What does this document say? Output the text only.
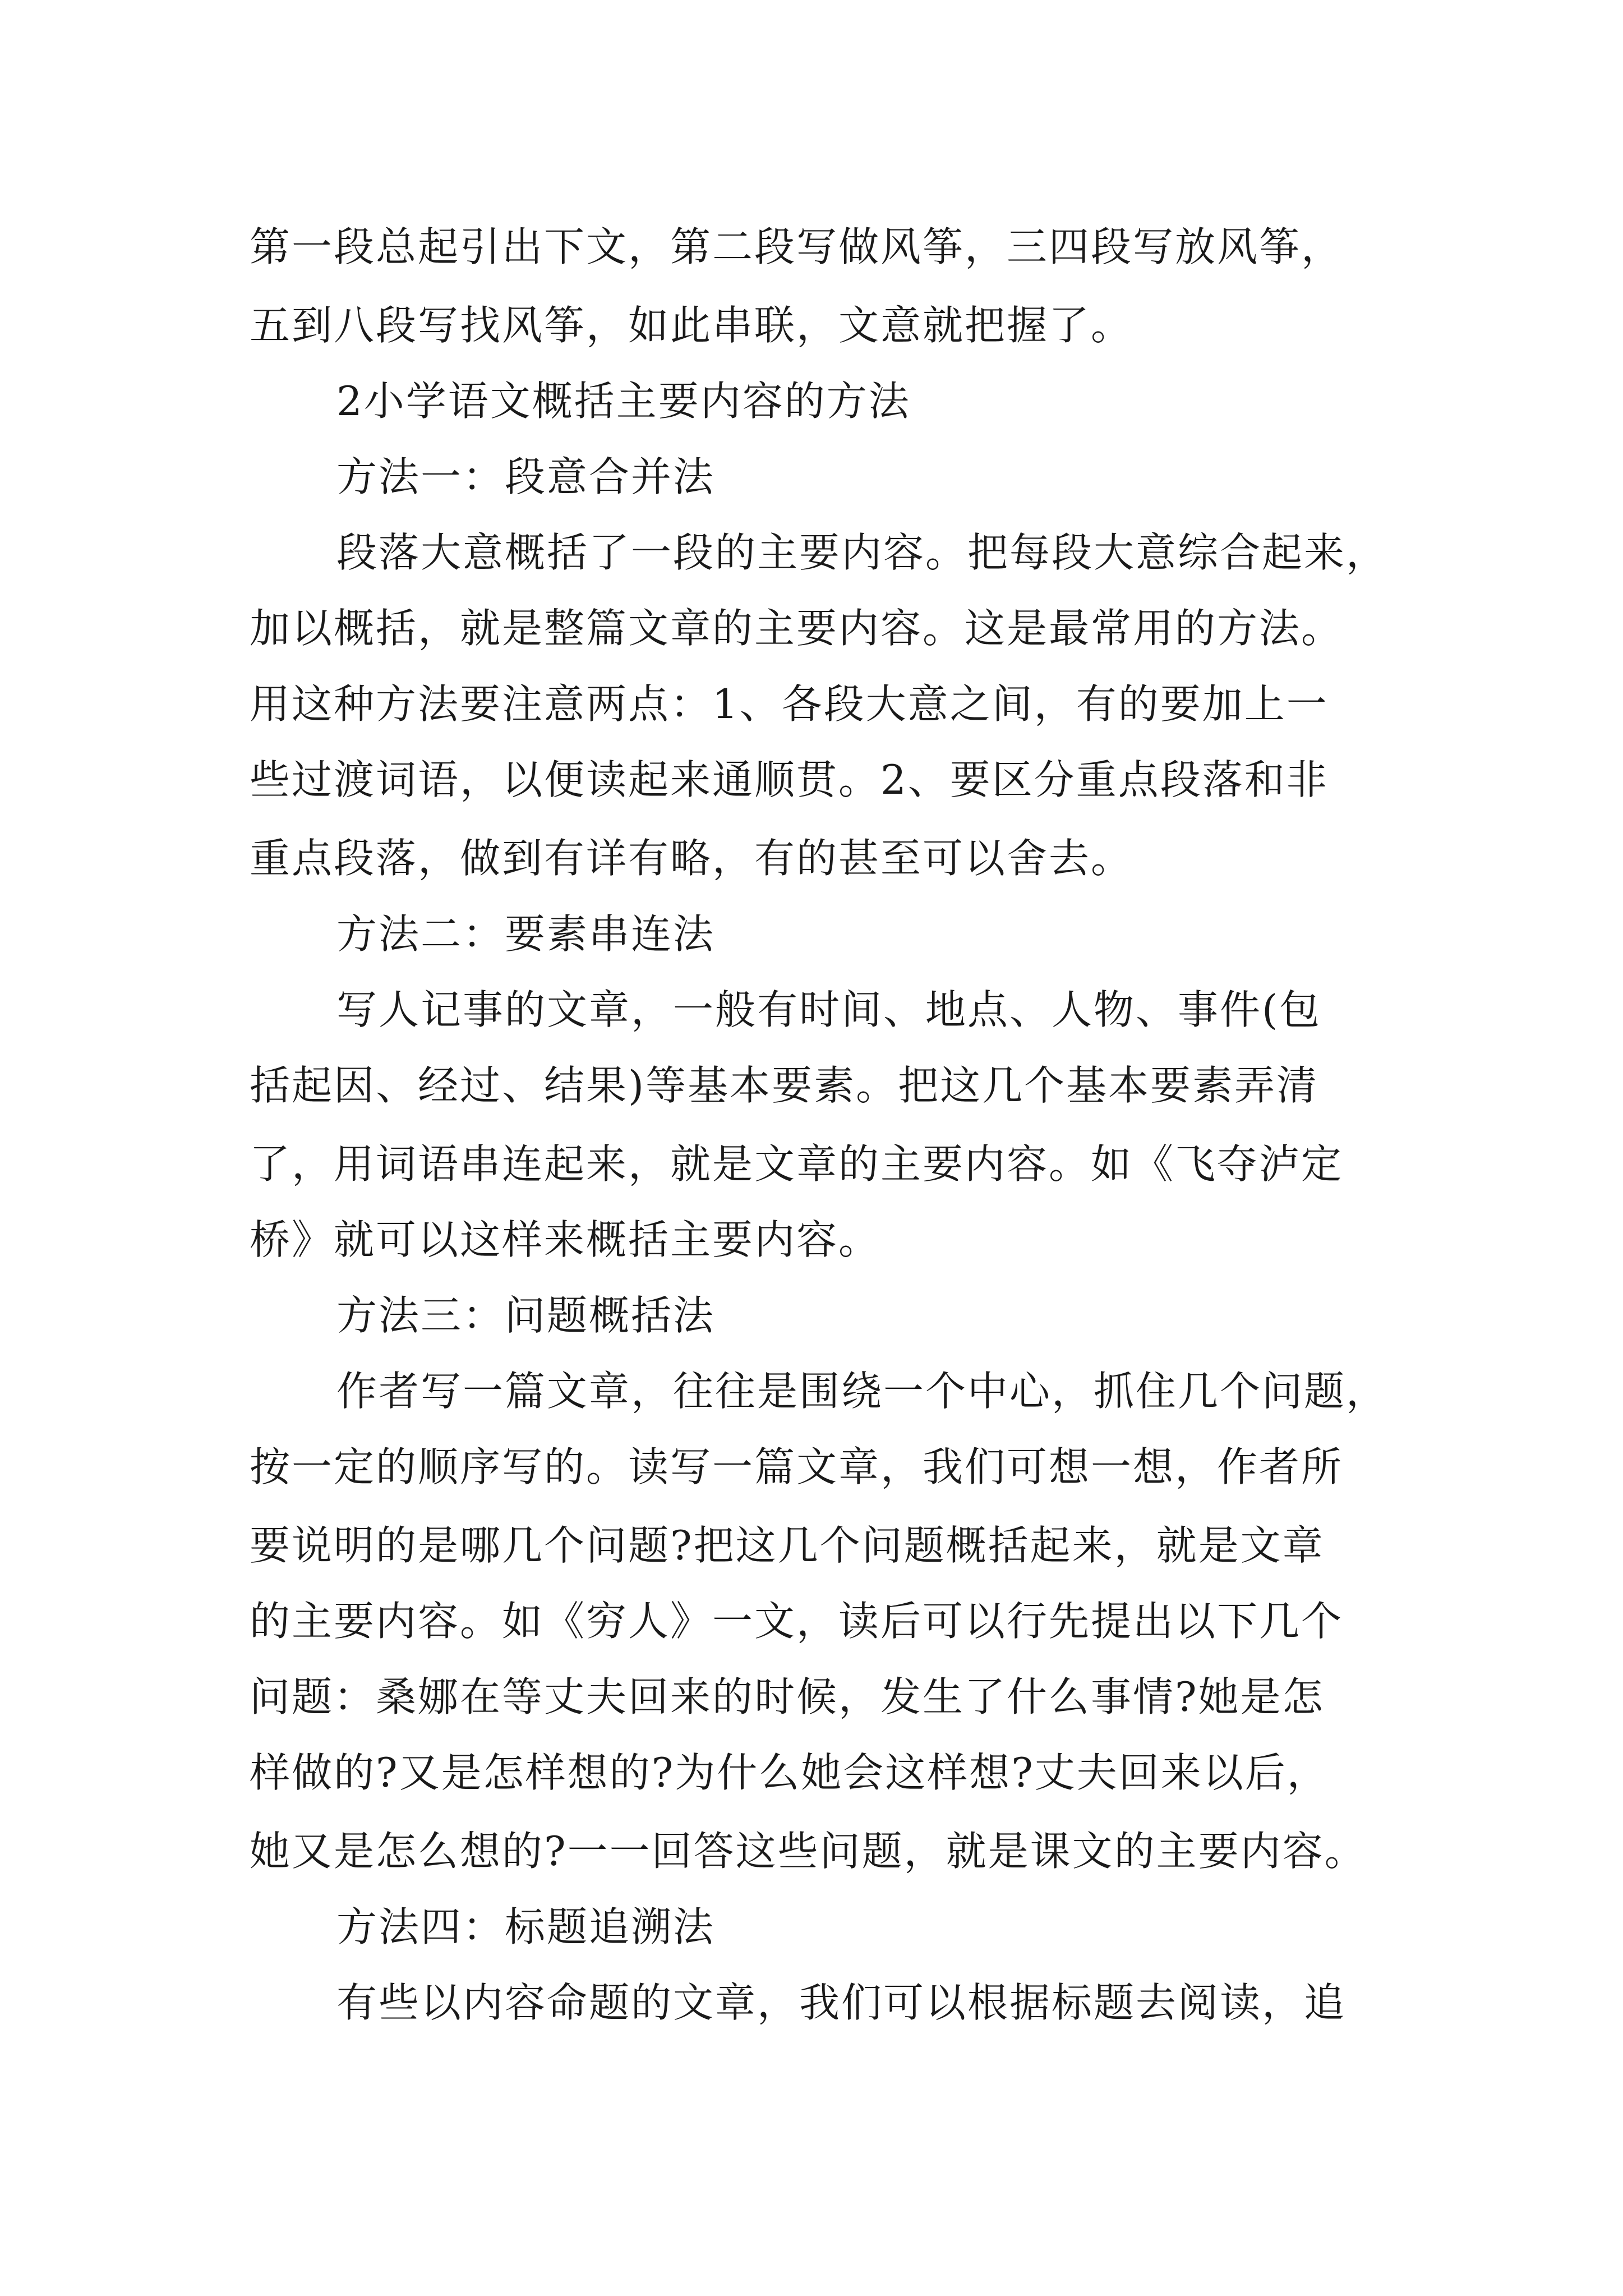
第一段总起引出下文，第二段写做风筝，三四段写放风筝，
五到八段写找风筝，如此串联，文意就把握了。
2小学语文概括主要内容的方法
方法一：段意合并法
段落大意概括了一段的主要内容。把每段大意综合起来，
加以概括，就是整篇文章的主要内容。这是最常用的方法。
用这种方法要注意两点：1、各段大意之间，有的要加上一
些过渡词语，以便读起来通顺贯。2、要区分重点段落和非
重点段落，做到有详有略，有的甚至可以舍去。
方法二：要素串连法
写人记事的文章，一般有时间、地点、人物、事件(包
括起因、经过、结果)等基本要素。把这几个基本要素弄清
了，用词语串连起来，就是文章的主要内容。如《飞夺泸定
桥》就可以这样来概括主要内容。
方法三：问题概括法
作者写一篇文章，往往是围绕一个中心，抓住几个问题，
按一定的顺序写的。读写一篇文章，我们可想一想，作者所
要说明的是哪几个问题?把这几个问题概括起来，就是文章
的主要内容。如《穷人》一文，读后可以行先提出以下几个
问题：桑娜在等丈夫回来的时候，发生了什么事情?她是怎
样做的?又是怎样想的?为什么她会这样想?丈夫回来以后，
她又是怎么想的?一一回答这些问题，就是课文的主要内容。
方法四：标题追溯法
有些以内容命题的文章，我们可以根据标题去阅读，追
